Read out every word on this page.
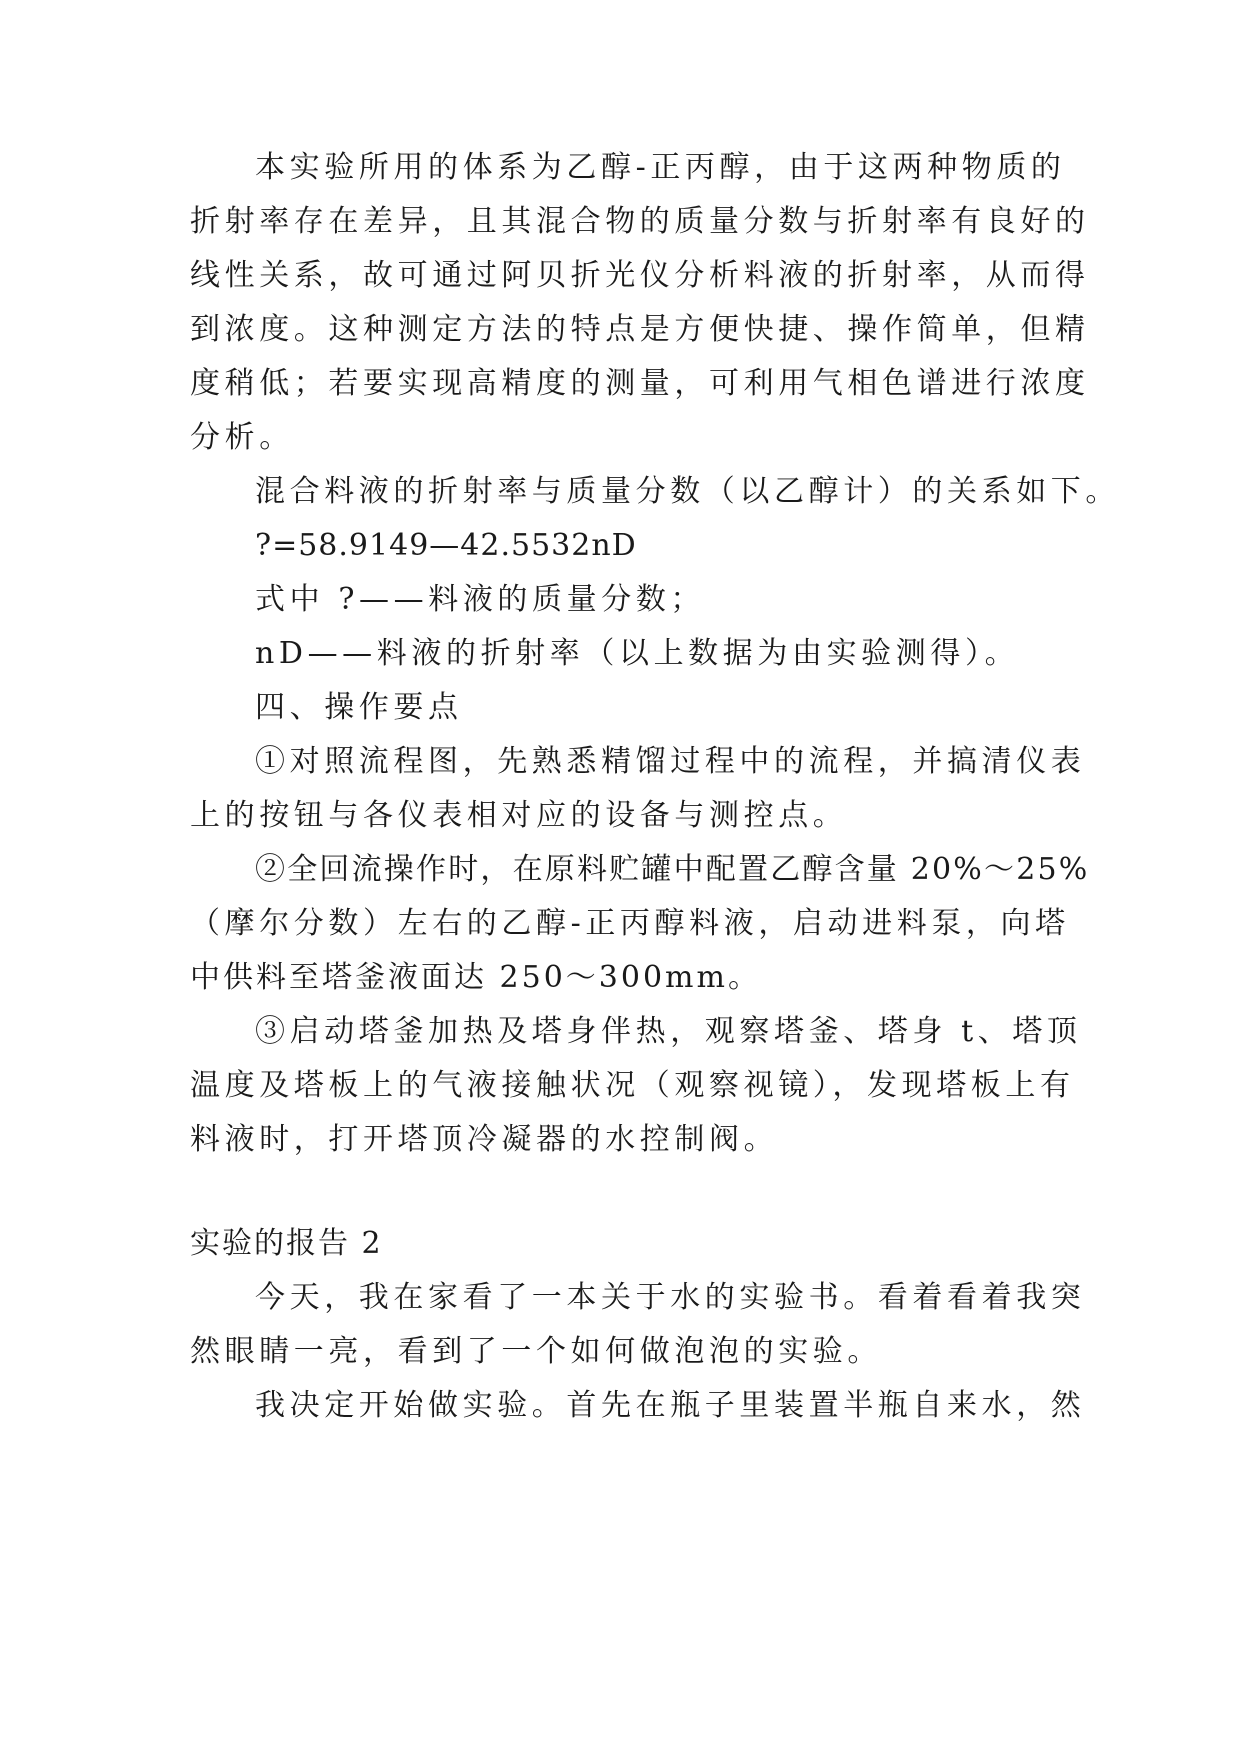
本实验所用的体系为乙醇-正丙醇，由于这两种物质的
折射率存在差异，且其混合物的质量分数与折射率有良好的
线性关系，故可通过阿贝折光仪分析料液的折射率，从而得
到浓度。这种测定方法的特点是方便快捷、操作简单，但精
度稍低；若要实现高精度的测量，可利用气相色谱进行浓度
分析。
混合料液的折射率与质量分数（以乙醇计）的关系如下。
?=58.9149—42.5532nD
式中 ?——料液的质量分数；
nD——料液的折射率（以上数据为由实验测得）。
四、操作要点
①对照流程图，先熟悉精馏过程中的流程，并搞清仪表
上的按钮与各仪表相对应的设备与测控点。
②全回流操作时，在原料贮罐中配置乙醇含量 20%～25%
（摩尔分数）左右的乙醇-正丙醇料液，启动进料泵，向塔
中供料至塔釜液面达 250～300mm。
③启动塔釜加热及塔身伴热，观察塔釜、塔身 t、塔顶
温度及塔板上的气液接触状况（观察视镜），发现塔板上有
料液时，打开塔顶冷凝器的水控制阀。
实验的报告 2
今天，我在家看了一本关于水的实验书。看着看着我突
然眼睛一亮，看到了一个如何做泡泡的实验。
我决定开始做实验。首先在瓶子里装置半瓶自来水，然
